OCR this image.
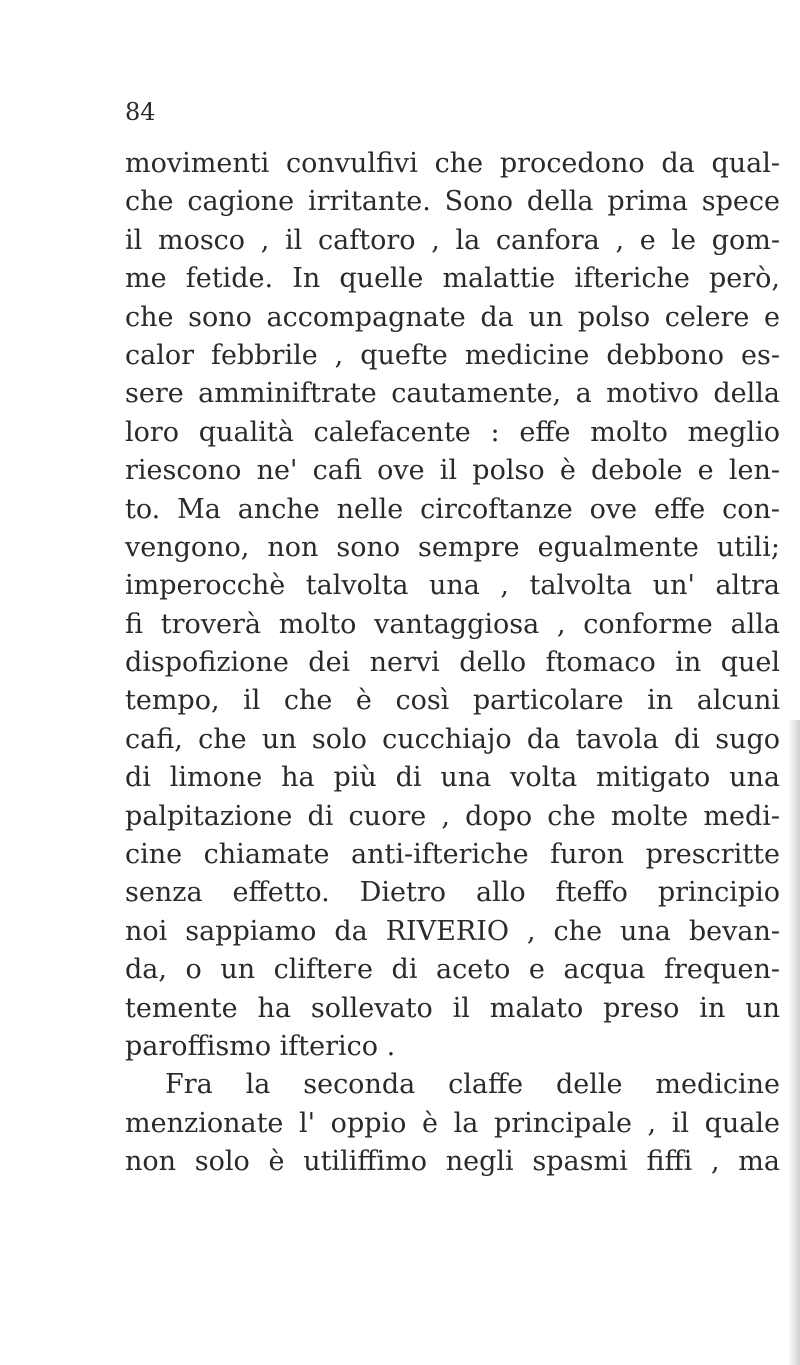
84
movimenti convulfivi che procedono da qual-
che cagione irritante. Sono della prima specе
il mosco , il caftoro , la canfora , e le gom-
me fetide. In quelle malattie ifteriche però,
che sono accompagnate da un polso celere e
calor febbrile , quefte medicine debbono es-
sere amminiftrate cautamente, a motivo della
loro qualità calefacente : effe molto meglio
riescono ne' cafi ove il polso è debole e len-
to. Ma anche nelle circoftanze ove effe con-
vengono, non sono sempre egualmente utili;
imperocchè talvolta una , talvolta un' altra
fi troverà molto vantaggiosa , conforme alla
dispofizione dei nervi dello ftomaco in quel
tempo, il che è così particolare in alcuni
cafi, che un solo cucchiajo da tavola di sugo
di limone ha più di una volta mitigato una
palpitazione di cuore , dopo che molte medi-
cine chiamate anti-ifteriche furon prescritte
senza effetto. Dietro allo fteffo principio
noi sappiamo da RIVERIO , che una bevan-
da, o un clifteгe di aceto e acqua frequen-
temente ha sollevato il malato preso in un
paroffismo ifterico .
Fra la seconda claffe delle medicine
menzionate l' oppio è la principale , il quale
non solo è utiliffimo negli spasmi fiffi , ma
